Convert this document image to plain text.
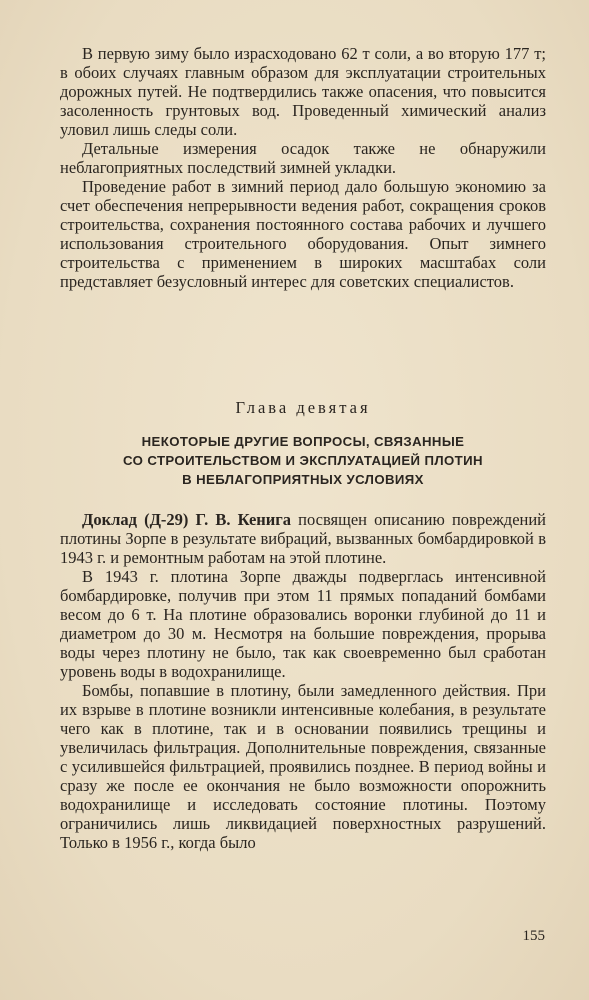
В первую зиму было израсходовано 62 т соли, а во вторую 177 т; в обоих случаях главным образом для эксплуатации строительных дорожных путей. Не подтвердились также опасения, что повысится засоленность грунтовых вод. Проведенный химический анализ уловил лишь следы соли.

Детальные измерения осадок также не обнаружили неблагоприятных последствий зимней укладки.

Проведение работ в зимний период дало большую экономию за счет обеспечения непрерывности ведения работ, сокращения сроков строительства, сохранения постоянного состава рабочих и лучшего использования строительного оборудования. Опыт зимнего строительства с применением в широких масштабах соли представляет безусловный интерес для советских специалистов.

Глава девятая
НЕКОТОРЫЕ ДРУГИЕ ВОПРОСЫ, СВЯЗАННЫЕ
СО СТРОИТЕЛЬСТВОМ И ЭКСПЛУАТАЦИЕЙ ПЛОТИН
В НЕБЛАГОПРИЯТНЫХ УСЛОВИЯХ

Доклад (Д-29) Г. В. Кенига посвящен описанию повреждений плотины Зорпе в результате вибраций, вызванных бомбардировкой в 1943 г. и ремонтным работам на этой плотине.

В 1943 г. плотина Зорпе дважды подверглась интенсивной бомбардировке, получив при этом 11 прямых попаданий бомбами весом до 6 т. На плотине образовались воронки глубиной до 11 и диаметром до 30 м. Несмотря на большие повреждения, прорыва воды через плотину не было, так как своевременно был сработан уровень воды в водохранилище.

Бомбы, попавшие в плотину, были замедленного действия. При их взрыве в плотине возникли интенсивные колебания, в результате чего как в плотине, так и в основании появились трещины и увеличилась фильтрация. Дополнительные повреждения, связанные с усилившейся фильтрацией, проявились позднее. В период войны и сразу же после ее окончания не было возможности опорожнить водохранилище и исследовать состояние плотины. Поэтому ограничились лишь ликвидацией поверхностных разрушений. Только в 1956 г., когда было

155
